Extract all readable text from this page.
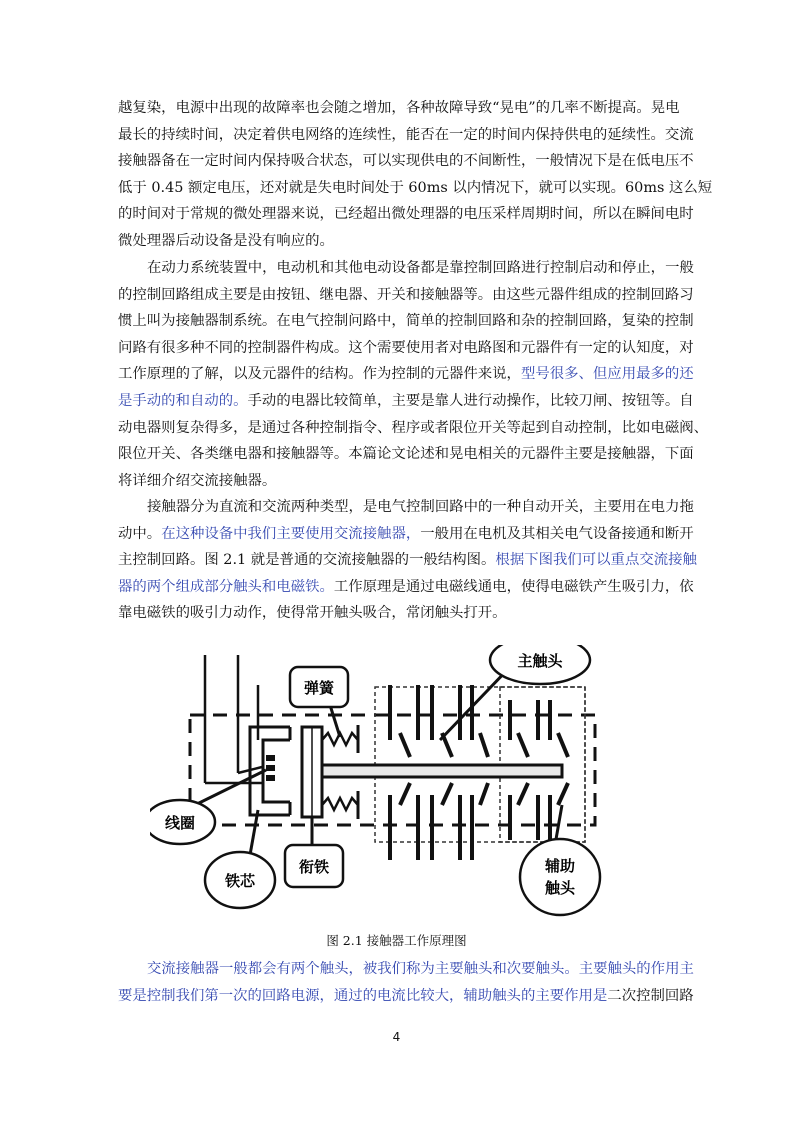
越复染，电源中出现的故障率也会随之增加，各种故障导致“晃电”的几率不断提高。晃电
最长的持续时间，决定着供电网络的连续性，能否在一定的时间内保持供电的延续性。交流
接触器备在一定时间内保持吸合状态，可以实现供电的不间断性，一般情况下是在低电压不
低于 0.45 额定电压，还对就是失电时间处于 60ms 以内情况下，就可以实现。60ms 这么短
的时间对于常规的微处理器来说，已经超出微处理器的电压采样周期时间，所以在瞬间电时
微处理器后动设备是没有响应的。

在动力系统装置中，电动机和其他电动设备都是靠控制回路进行控制启动和停止，一般
的控制回路组成主要是由按钮、继电器、开关和接触器等。由这些元器件组成的控制回路习
惯上叫为接触器制系统。在电气控制问路中，简单的控制回路和杂的控制回路，复染的控制
问路有很多种不同的控制器件构成。这个需要使用者对电路图和元器件有一定的认知度，对
工作原理的了解，以及元器件的结构。作为控制的元器件来说，型号很多、但应用最多的还
是手动的和自动的。手动的电器比较简单，主要是靠人进行动操作，比较刀闸、按钮等。自
动电器则复杂得多，是通过各种控制指令、程序或者限位开关等起到自动控制，比如电磁阀、
限位开关、各类继电器和接触器等。本篇论文论述和晃电相关的元器件主要是接触器，下面
将详细介绍交流接触器。

接触器分为直流和交流两种类型，是电气控制回路中的一种自动开关，主要用在电力拖
动中。在这种设备中我们主要使用交流接触器，一般用在电机及其相关电气设备接通和断开
主控制回路。图 2.1 就是普通的交流接触器的一般结构图。根据下图我们可以重点交流接触
器的两个组成部分触头和电磁铁。工作原理是通过电磁线通电，使得电磁铁产生吸引力，依
靠电磁铁的吸引力动作，使得常开触头吸合，常闭触头打开。

主触头
弹簧
线圈
铁芯
衔铁	辅助
触头
图 2.1 接触器工作原理图

交流接触器一般都会有两个触头，被我们称为主要触头和次要触头。主要触头的作用主
要是控制我们第一次的回路电源，通过的电流比较大，辅助触头的主要作用是二次控制回路

4
